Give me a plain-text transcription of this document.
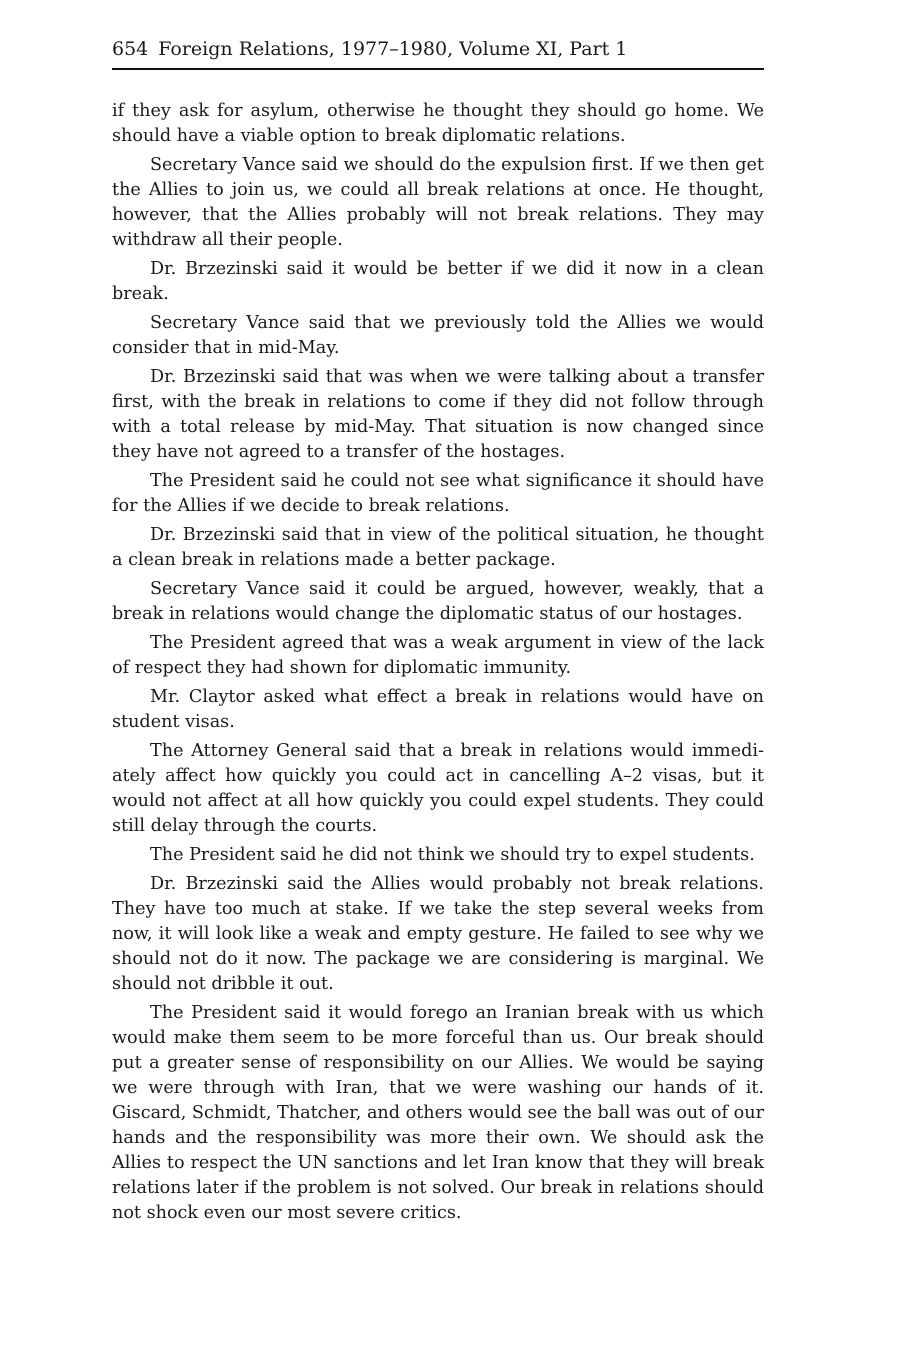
654 Foreign Relations, 1977–1980, Volume XI, Part 1

if they ask for asylum, otherwise he thought they should go home. We should have a viable option to break diplomatic relations.

Secretary Vance said we should do the expulsion first. If we then get the Allies to join us, we could all break relations at once. He thought, however, that the Allies probably will not break relations. They may withdraw all their people.

Dr. Brzezinski said it would be better if we did it now in a clean break.

Secretary Vance said that we previously told the Allies we would consider that in mid-May.

Dr. Brzezinski said that was when we were talking about a transfer first, with the break in relations to come if they did not follow through with a total release by mid-May. That situation is now changed since they have not agreed to a transfer of the hostages.

The President said he could not see what significance it should have for the Allies if we decide to break relations.

Dr. Brzezinski said that in view of the political situation, he thought a clean break in relations made a better package.

Secretary Vance said it could be argued, however, weakly, that a break in relations would change the diplomatic status of our hostages.

The President agreed that was a weak argument in view of the lack of respect they had shown for diplomatic immunity.

Mr. Claytor asked what effect a break in relations would have on student visas.

The Attorney General said that a break in relations would immediately affect how quickly you could act in cancelling A–2 visas, but it would not affect at all how quickly you could expel students. They could still delay through the courts.

The President said he did not think we should try to expel students.

Dr. Brzezinski said the Allies would probably not break relations. They have too much at stake. If we take the step several weeks from now, it will look like a weak and empty gesture. He failed to see why we should not do it now. The package we are considering is marginal. We should not dribble it out.

The President said it would forego an Iranian break with us which would make them seem to be more forceful than us. Our break should put a greater sense of responsibility on our Allies. We would be saying we were through with Iran, that we were washing our hands of it. Giscard, Schmidt, Thatcher, and others would see the ball was out of our hands and the responsibility was more their own. We should ask the Allies to respect the UN sanctions and let Iran know that they will break relations later if the problem is not solved. Our break in relations should not shock even our most severe critics.
